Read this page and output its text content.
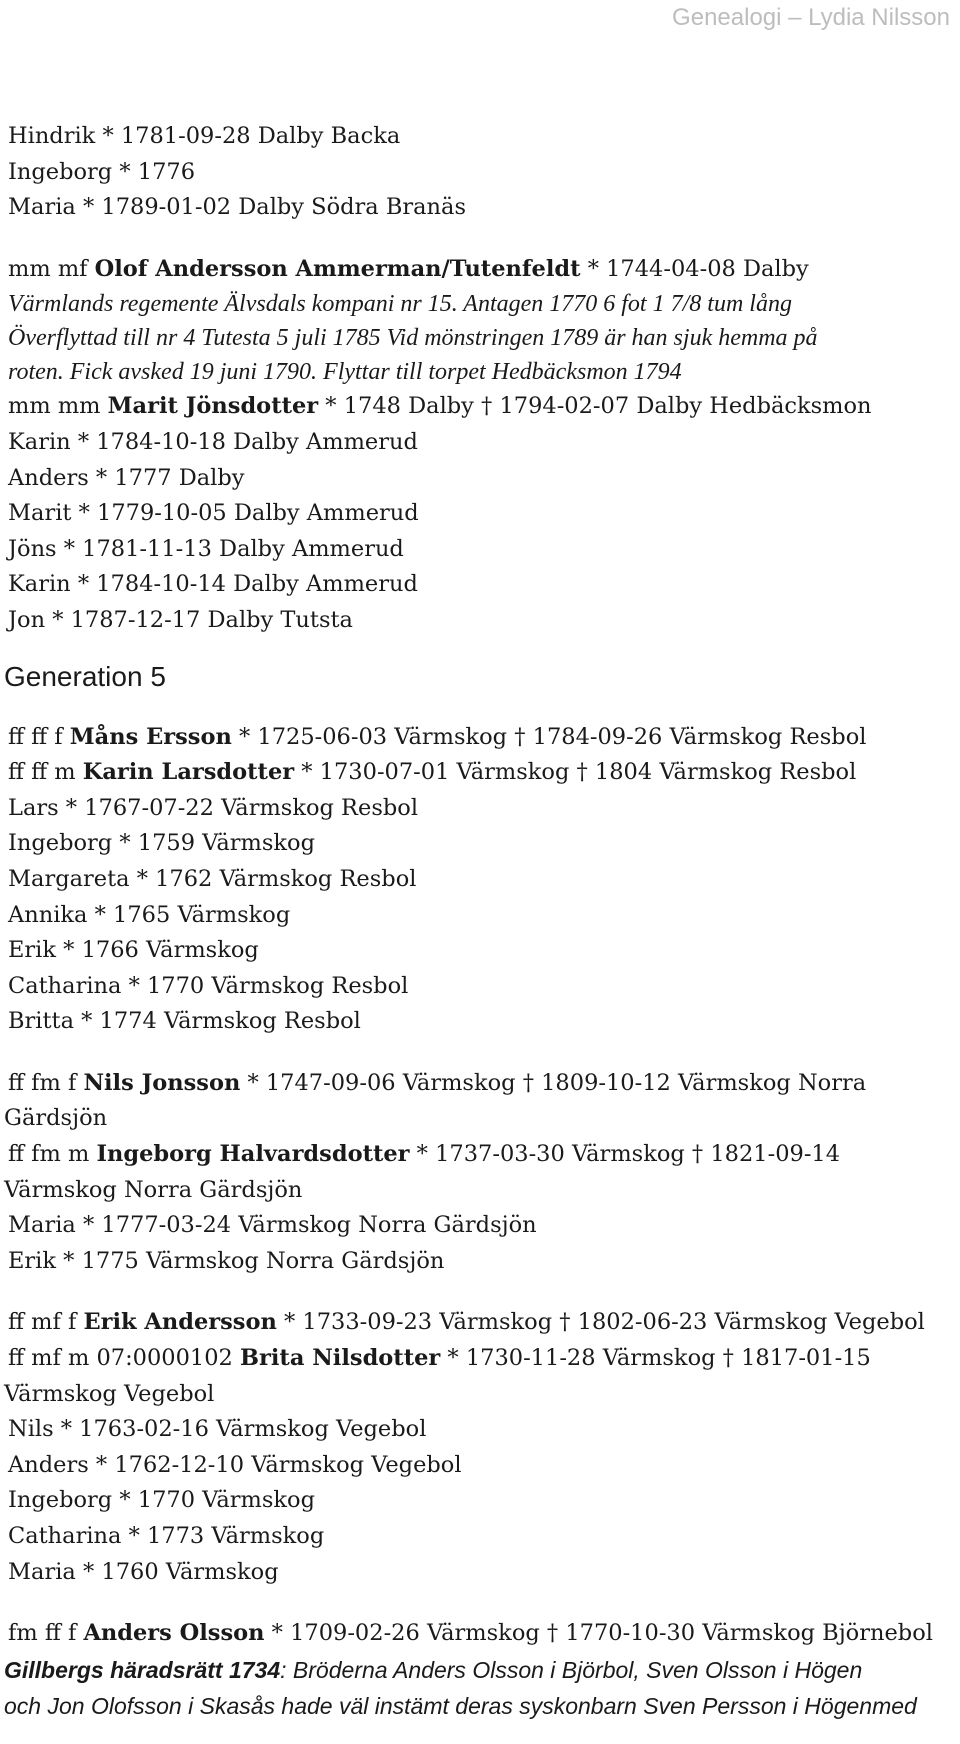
Genealogi – Lydia Nilsson

Hindrik * 1781-09-28 Dalby Backa

Ingeborg * 1776

Maria * 1789-01-02 Dalby Södra Branäs

mm mf Olof Andersson Ammerman/Tutenfeldt * 1744-04-08 Dalby

Värmlands regemente Älvsdals kompani nr 15. Antagen 1770 6 fot 1 7/8 tum lång
Överflyttad till nr 4 Tutesta 5 juli 1785 Vid mönstringen 1789 är han sjuk hemma på
roten. Fick avsked 19 juni 1790. Flyttar till torpet Hedbäcksmon 1794

mm mm Marit Jönsdotter * 1748 Dalby † 1794-02-07 Dalby Hedbäcksmon

Karin * 1784-10-18 Dalby Ammerud

Anders * 1777 Dalby

Marit * 1779-10-05 Dalby Ammerud

Jöns * 1781-11-13 Dalby Ammerud

Karin * 1784-10-14 Dalby Ammerud

Jon * 1787-12-17 Dalby Tutsta

Generation 5

ff ff f Måns Ersson * 1725-06-03 Värmskog † 1784-09-26 Värmskog Resbol

ff ff m Karin Larsdotter * 1730-07-01 Värmskog † 1804 Värmskog Resbol

Lars * 1767-07-22 Värmskog Resbol

Ingeborg * 1759 Värmskog

Margareta * 1762 Värmskog Resbol

Annika * 1765 Värmskog

Erik * 1766 Värmskog

Catharina * 1770 Värmskog Resbol

Britta * 1774 Värmskog Resbol

ff fm f Nils Jonsson * 1747-09-06 Värmskog † 1809-10-12 Värmskog Norra

Gärdsjön

ff fm m Ingeborg Halvardsdotter * 1737-03-30 Värmskog † 1821-09-14

Värmskog Norra Gärdsjön

Maria * 1777-03-24 Värmskog Norra Gärdsjön

Erik * 1775 Värmskog Norra Gärdsjön

ff mf f Erik Andersson * 1733-09-23 Värmskog † 1802-06-23 Värmskog Vegebol

ff mf m 07:0000102 Brita Nilsdotter * 1730-11-28 Värmskog † 1817-01-15

Värmskog Vegebol

Nils * 1763-02-16 Värmskog Vegebol

Anders * 1762-12-10 Värmskog Vegebol

Ingeborg * 1770 Värmskog

Catharina * 1773 Värmskog

Maria * 1760 Värmskog

fm ff f Anders Olsson * 1709-02-26 Värmskog † 1770-10-30 Värmskog Björnebol

Gillbergs häradsrätt 1734: Bröderna Anders Olsson i Björbol, Sven Olsson i Högen
och Jon Olofsson i Skasås hade väl instämt deras syskonbarn Sven Persson i Högenmed
